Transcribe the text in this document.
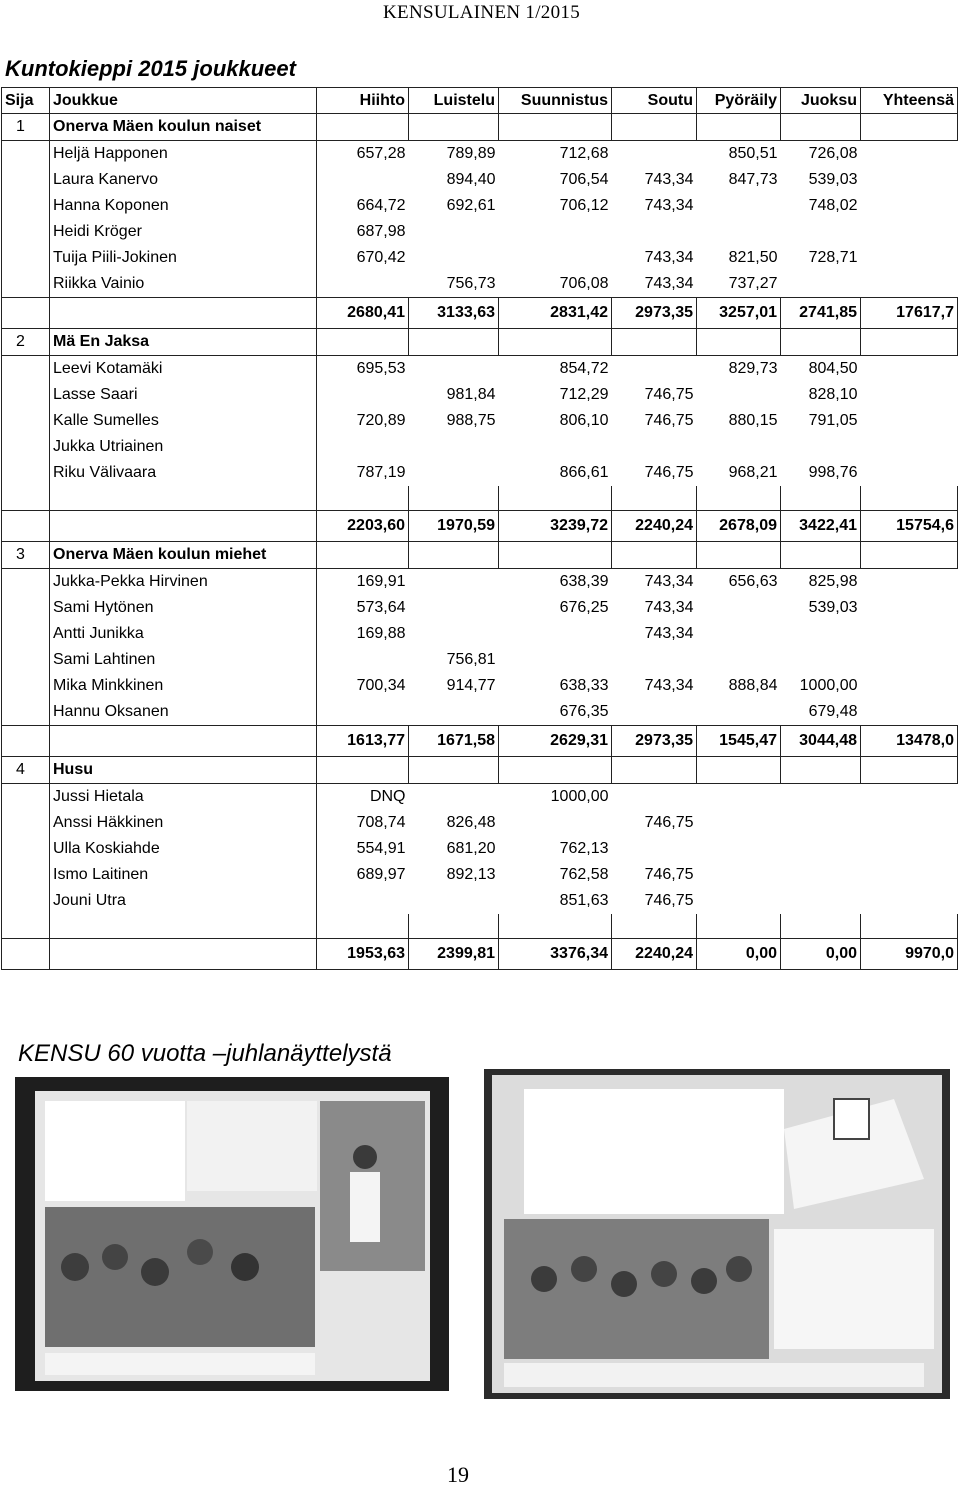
KENSULAINEN 1/2015
Kuntokieppi 2015 joukkueet
Sija	Joukkue	Hiihto	Luistelu	Suunnistus	Soutu	Pyöräily	Juoksu	Yhteensä
1	Onerva Mäen koulun naiset							
	Heljä Happonen	657,28	789,89	712,68		850,51	726,08	
	Laura Kanervo		894,40	706,54	743,34	847,73	539,03	
	Hanna Koponen	664,72	692,61	706,12	743,34		748,02	
	Heidi Kröger	687,98						
	Tuija Piili-Jokinen	670,42			743,34	821,50	728,71	
	Riikka Vainio		756,73	706,08	743,34	737,27		
		2680,41	3133,63	2831,42	2973,35	3257,01	2741,85	17617,7
2	Mä En Jaksa							
	Leevi Kotamäki	695,53		854,72		829,73	804,50	
	Lasse Saari		981,84	712,29	746,75		828,10	
	Kalle Sumelles	720,89	988,75	806,10	746,75	880,15	791,05	
	Jukka Utriainen							
	Riku Välivaara	787,19		866,61	746,75	968,21	998,76	

		2203,60	1970,59	3239,72	2240,24	2678,09	3422,41	15754,6
3	Onerva Mäen koulun miehet							
	Jukka-Pekka Hirvinen	169,91		638,39	743,34	656,63	825,98	
	Sami Hytönen	573,64		676,25	743,34		539,03	
	Antti Junikka	169,88			743,34			
	Sami Lahtinen		756,81					
	Mika Minkkinen	700,34	914,77	638,33	743,34	888,84	1000,00	
	Hannu Oksanen			676,35			679,48	
		1613,77	1671,58	2629,31	2973,35	1545,47	3044,48	13478,0
4	Husu							
	Jussi Hietala	DNQ		1000,00				
	Anssi Häkkinen	708,74	826,48		746,75			
	Ulla Koskiahde	554,91	681,20	762,13				
	Ismo Laitinen	689,97	892,13	762,58	746,75			
	Jouni Utra			851,63	746,75			

		1953,63	2399,81	3376,34	2240,24	0,00	0,00	9970,0
KENSU 60 vuotta –juhlanäyttelystä
19
